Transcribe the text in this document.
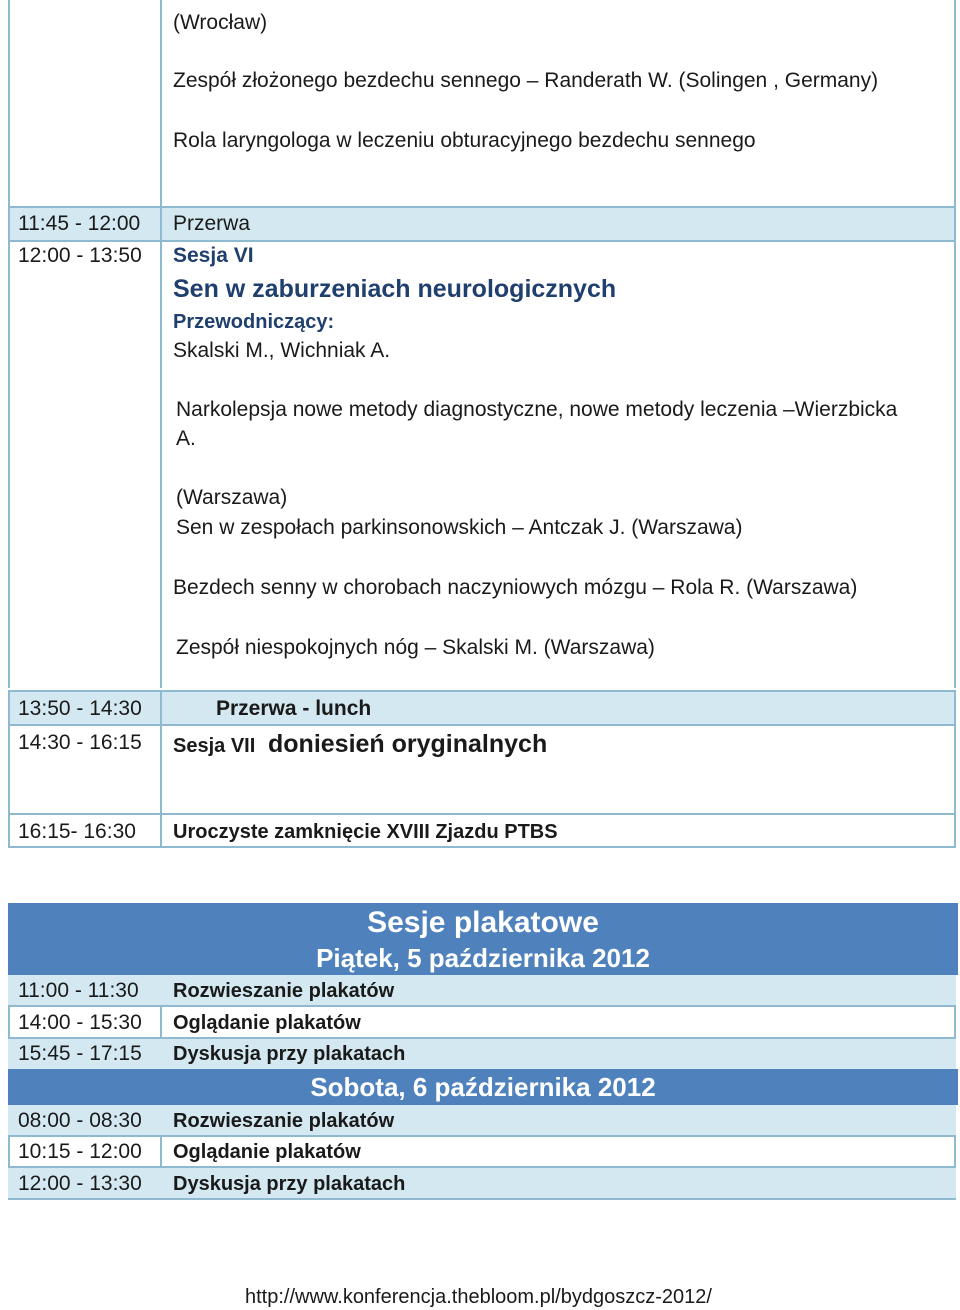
(Wrocław)
Zespół złożonego bezdechu sennego – Randerath W. (Solingen , Germany)
Rola laryngologa w leczeniu obturacyjnego bezdechu sennego
11:45 - 12:00 Przerwa
12:00 - 13:50 Sesja VI
Sen w zaburzeniach neurologicznych
Przewodniczący:
Skalski M., Wichniak A.
Narkolepsja nowe metody diagnostyczne, nowe metody leczenia –Wierzbicka
A.
(Warszawa)
Sen w zespołach parkinsonowskich – Antczak J. (Warszawa)
Bezdech senny w chorobach naczyniowych mózgu – Rola R. (Warszawa)
Zespół niespokojnych nóg – Skalski M. (Warszawa)
13:50 - 14:30	Przerwa - lunch
14:30 - 16:15 Sesja VII doniesień oryginalnych
16:15- 16:30 Uroczyste zamknięcie XVIII Zjazdu PTBS
Sesje plakatowe
Piątek, 5 października 2012
11:00 - 11:30 Rozwieszanie plakatów
14:00 - 15:30 Oglądanie plakatów
15:45 - 17:15 Dyskusja przy plakatach
Sobota, 6 października 2012
08:00 - 08:30 Rozwieszanie plakatów
10:15 - 12:00 Oglądanie plakatów
12:00 - 13:30 Dyskusja przy plakatach
http://www.konferencja.thebloom.pl/bydgoszcz-2012/
